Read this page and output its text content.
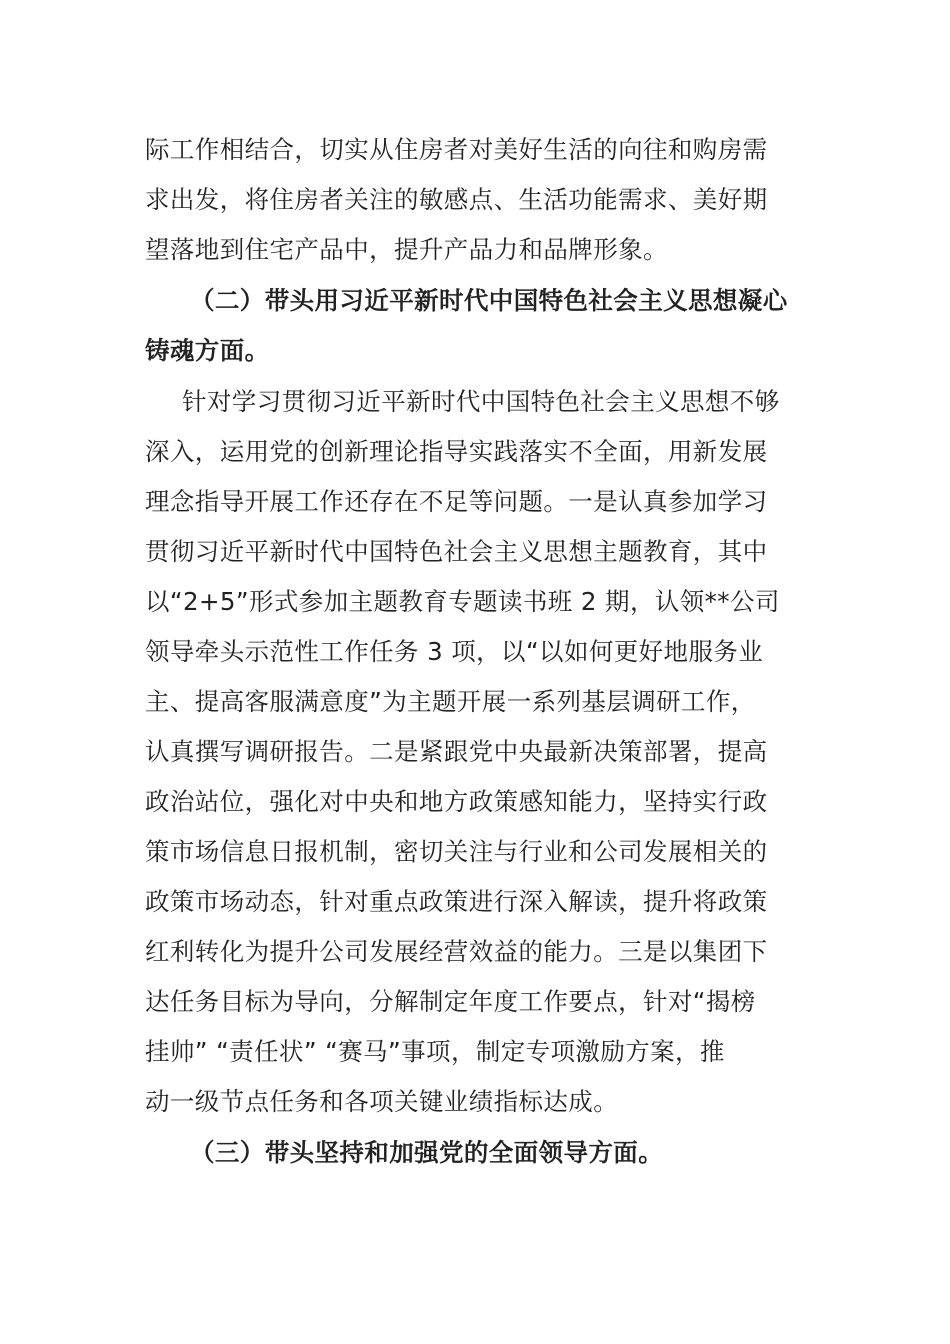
际工作相结合，切实从住房者对美好生活的向往和购房需
求出发，将住房者关注的敏感点、生活功能需求、美好期
望落地到住宅产品中，提升产品力和品牌形象。
（二）带头用习近平新时代中国特色社会主义思想凝心
铸魂方面。
针对学习贯彻习近平新时代中国特色社会主义思想不够
深入，运用党的创新理论指导实践落实不全面，用新发展
理念指导开展工作还存在不足等问题。一是认真参加学习
贯彻习近平新时代中国特色社会主义思想主题教育，其中
以“2+5”形式参加主题教育专题读书班 2 期，认领**公司
领导牵头示范性工作任务 3 项，以“以如何更好地服务业
主、提高客服满意度”为主题开展一系列基层调研工作，
认真撰写调研报告。二是紧跟党中央最新决策部署，提高
政治站位，强化对中央和地方政策感知能力，坚持实行政
策市场信息日报机制，密切关注与行业和公司发展相关的
政策市场动态，针对重点政策进行深入解读，提升将政策
红利转化为提升公司发展经营效益的能力。三是以集团下
达任务目标为导向，分解制定年度工作要点，针对“揭榜
挂帅” “责任状” “赛马”事项，制定专项激励方案，推
动一级节点任务和各项关键业绩指标达成。
（三）带头坚持和加强党的全面领导方面。
